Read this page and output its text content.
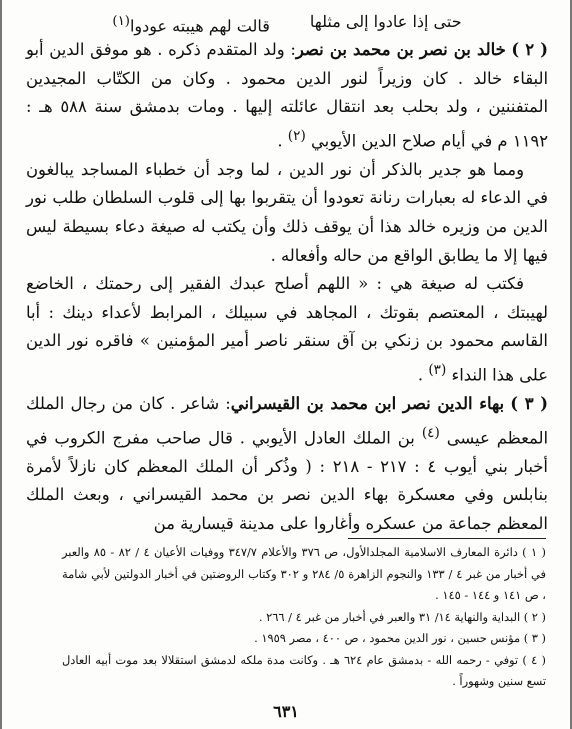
حتى إذا عادوا إلى مثلها
قالت لهم هيبته عودوا$^{(١)}$

( ٢ ) خالد بن نصر بن محمد بن نصر: ولد المتقدم ذكره . هو موفق الدين أبو البقاء خالد . كان وزيراً لنور الدين محمود . وكان من الكتّاب المجيدين المتفننين ، ولد بحلب بعد انتقال عائلته إليها . ومات بدمشق سنة ٥٨٨ هـ : ١١٩٢ م في أيام صلاح الدين الأيوبي $^{(٢)}$ .

ومما هو جدير بالذكر أن نور الدين ، لما وجد أن خطباء المساجد يبالغون في الدعاء له بعبارات رنانة تعودوا أن يتقربوا بها إلى قلوب السلطان طلب نور الدين من وزيره خالد هذا أن يوقف ذلك وأن يكتب له صيغة دعاء بسيطة ليس فيها إلا ما يطابق الواقع من حاله وأفعاله .

فكتب له صيغة هي : « اللهم أصلح عبدك الفقير إلى رحمتك ، الخاضع لهيبتك ، المعتصم بقوتك ، المجاهد في سبيلك ، المرابط لأعداء دينك : أبا القاسم محمود بن زنكي بن آق سنقر ناصر أمير المؤمنين » فاقره نور الدين على هذا النداء $^{(٣)}$ .

( ٣ ) بهاء الدين نصر ابن محمد بن القيسراني: شاعر . كان من رجال الملك المعظم عيسى $^{(٤)}$ بن الملك العادل الأيوبي . قال صاحب مفرج الكروب في أخبار بني أيوب ٤ : ٢١٧ - ٢١٨ : ( وذُكر أن الملك المعظم كان نازلاً لأمرة بنابلس وفي معسكرة بهاء الدين نصر بن محمد القيسراني ، وبعث الملك المعظم جماعة من عسكره وأغاروا على مدينة قيسارية من

( ١ ) دائرة المعارف الاسلامية المجلدالأول، ص ٣٧٦ والأعلام ٣٤٧/٧ ووفيات الأعيان ٤ / ٨٢ - ٨٥ والعبر في أخبار من غبر ٤ / ١٣٣ والنجوم الزاهرة ٥/ ٢٨٤ و ٣٠٢ وكتاب الروضتين في أخبار الدولتين لأبي شامة ، ص ١٤١ و ١٤٤ - ١٤٥ .

( ٢ ) البداية والنهاية ١٤/ ٣١ والعبر في أخبار من غبر ٤ / ٢٦٦ .

( ٣ ) مؤنس حسين ، نور الدين محمود ، ص ٤٠٠ ، مصر ١٩٥٩ .

( ٤ ) توفي - رحمه الله - بدمشق عام ٦٢٤ هـ . وكانت مدة ملكه لدمشق استقلالا بعد موت أبيه العادل تسع سنين وشهوراً .

٦٣١
